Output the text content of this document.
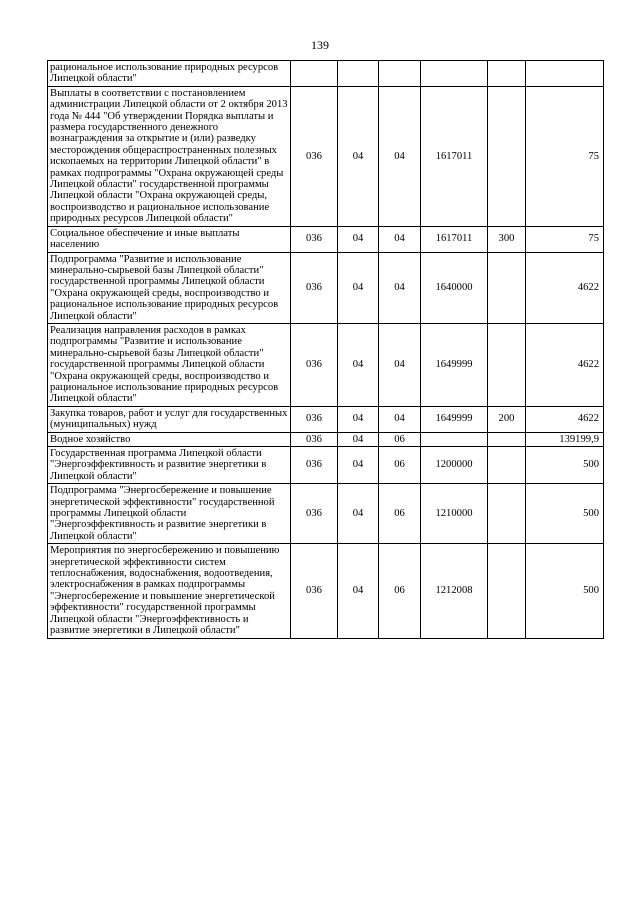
139
рациональное использование природных ресурсов Липецкой области"						
Выплаты в соответствии с постановлением администрации Липецкой области от 2 октября 2013 года № 444 "Об утверждении Порядка выплаты и размера государственного денежного вознаграждения за открытие и (или) разведку месторождения общераспространенных полезных ископаемых на территории Липецкой области" в рамках подпрограммы "Охрана окружающей среды Липецкой области" государственной программы Липецкой области "Охрана окружающей среды, воспроизводство и рациональное использование природных ресурсов Липецкой области"	036	04	04	1617011		75
Социальное обеспечение и иные выплаты населению	036	04	04	1617011	300	75
Подпрограмма "Развитие и использование минерально-сырьевой базы Липецкой области" государственной программы Липецкой области "Охрана окружающей среды, воспроизводство и рациональное использование природных ресурсов Липецкой области"	036	04	04	1640000		4622
Реализация направления расходов в рамках подпрограммы "Развитие и использование минерально-сырьевой базы Липецкой области" государственной программы Липецкой области "Охрана окружающей среды, воспроизводство и рациональное использование природных ресурсов Липецкой области"	036	04	04	1649999		4622
Закупка товаров, работ и услуг для государственных (муниципальных) нужд	036	04	04	1649999	200	4622
Водное хозяйство	036	04	06			139199,9
Государственная программа Липецкой области "Энергоэффективность и развитие энергетики в Липецкой области"	036	04	06	1200000		500
Подпрограмма "Энергосбережение и повышение энергетической эффективности" государственной программы Липецкой области "Энергоэффективность и развитие энергетики в Липецкой области"	036	04	06	1210000		500
Мероприятия по энергосбережению и повышению энергетической эффективности систем теплоснабжения, водоснабжения, водоотведения, электроснабжения в рамках подпрограммы "Энергосбережение и повышение энергетической эффективности" государственной программы Липецкой области "Энергоэффективность и развитие энергетики в Липецкой области"	036	04	06	1212008		500
